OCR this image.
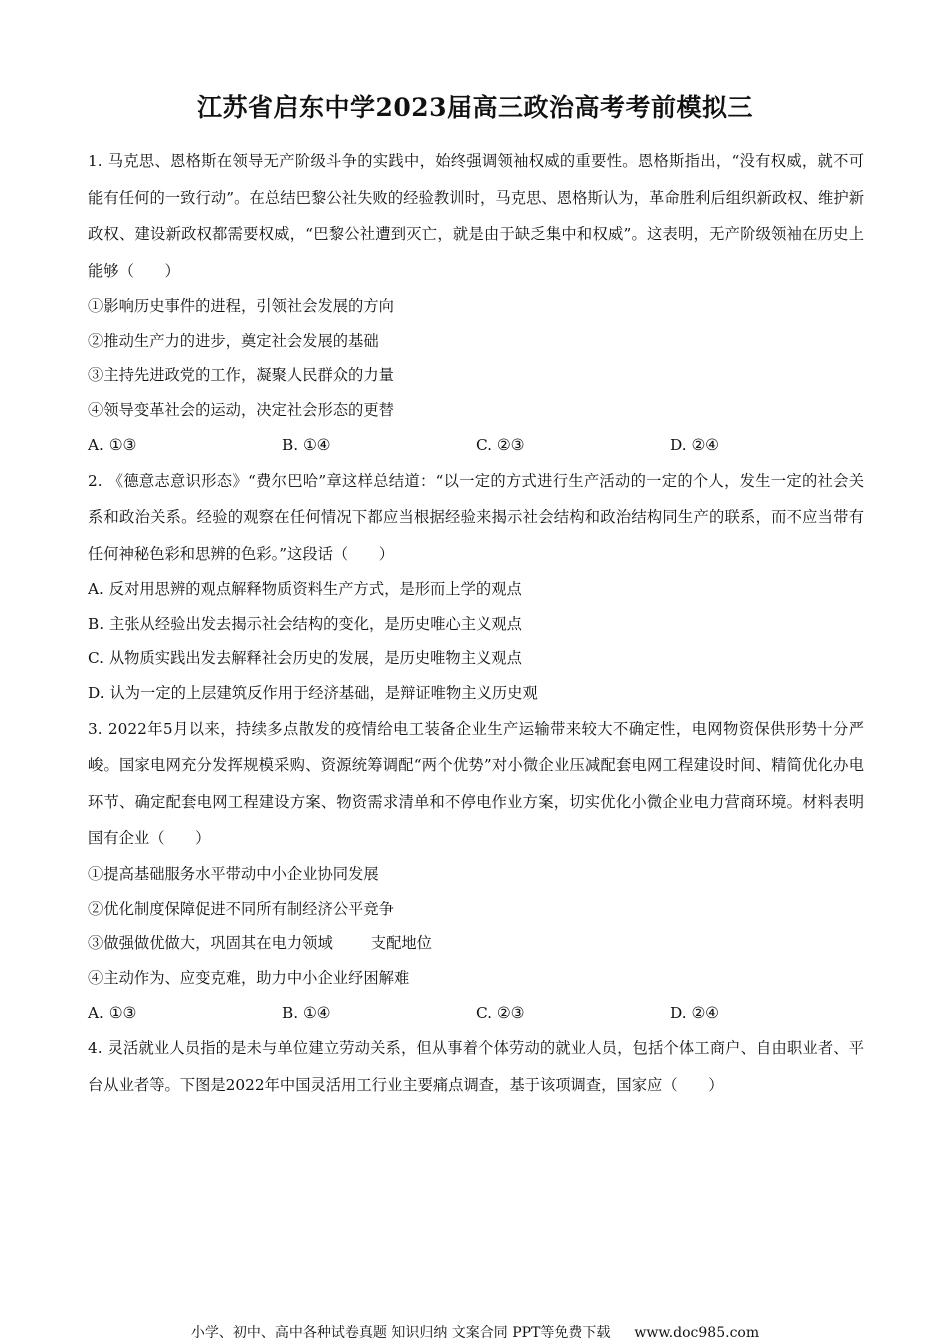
江苏省启东中学2023届高三政治高考考前模拟三
1. 马克思、恩格斯在领导无产阶级斗争的实践中，始终强调领袖权威的重要性。恩格斯指出，“没有权威，就不可能有任何的一致行动”。在总结巴黎公社失败的经验教训时，马克思、恩格斯认为，革命胜利后组织新政权、维护新政权、建设新政权都需要权威，“巴黎公社遭到灭亡，就是由于缺乏集中和权威”。这表明，无产阶级领袖在历史上能够（　　）
①影响历史事件的进程，引领社会发展的方向
②推动生产力的进步，奠定社会发展的基础
③主持先进政党的工作，凝聚人民群众的力量
④领导变革社会的运动，决定社会形态的更替
A. ①③	B. ①④	C. ②③	D. ②④
2. 《德意志意识形态》“费尔巴哈”章这样总结道：“以一定的方式进行生产活动的一定的个人，发生一定的社会关系和政治关系。经验的观察在任何情况下都应当根据经验来揭示社会结构和政治结构同生产的联系，而不应当带有任何神秘色彩和思辨的色彩。”这段话（　　）
A. 反对用思辨的观点解释物质资料生产方式，是形而上学的观点
B. 主张从经验出发去揭示社会结构的变化，是历史唯心主义观点
C. 从物质实践出发去解释社会历史的发展，是历史唯物主义观点
D. 认为一定的上层建筑反作用于经济基础，是辩证唯物主义历史观
3. 2022年5月以来，持续多点散发的疫情给电工装备企业生产运输带来较大不确定性，电网物资保供形势十分严峻。国家电网充分发挥规模采购、资源统筹调配“两个优势”对小微企业压减配套电网工程建设时间、精简优化办电环节、确定配套电网工程建设方案、物资需求清单和不停电作业方案，切实优化小微企业电力营商环境。材料表明国有企业（　　）
①提高基础服务水平带动中小企业协同发展
②优化制度保障促进不同所有制经济公平竞争
③做强做优做大，巩固其在电力领域 支配地位
④主动作为、应变克难，助力中小企业纾困解难
A. ①③	B. ①④	C. ②③	D. ②④
4. 灵活就业人员指的是未与单位建立劳动关系，但从事着个体劳动的就业人员，包括个体工商户、自由职业者、平台从业者等。下图是2022年中国灵活用工行业主要痛点调查，基于该项调查，国家应（　　）
小学、初中、高中各种试卷真题 知识归纳 文案合同 PPT等免费下载 www.doc985.com
